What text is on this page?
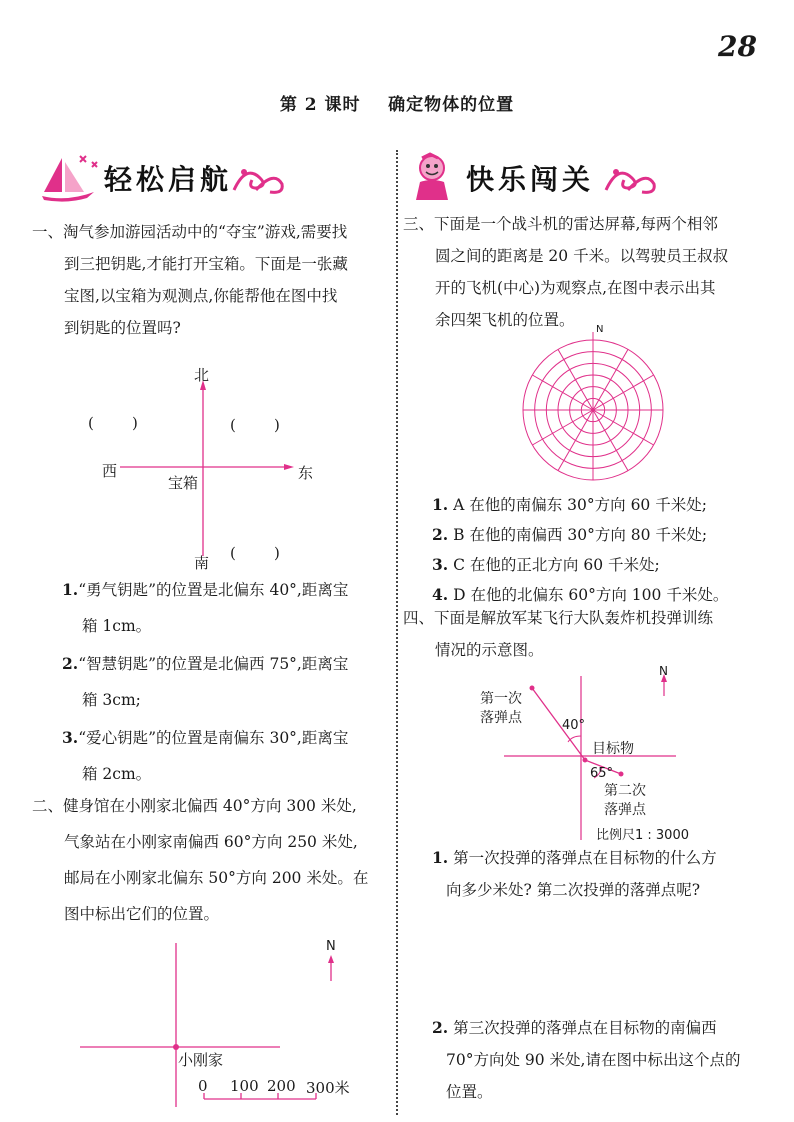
28
第 2 课时    确定物体的位置
轻松启航	快乐闯关
一、淘气参加游园活动中的“夺宝”游戏,需要找
到三把钥匙,才能打开宝箱。下面是一张藏
宝图,以宝箱为观测点,你能帮他在图中找
到钥匙的位置吗?
北
南
西	东
宝箱
(        )	(        )
(        )
1.“勇气钥匙”的位置是北偏东 40°,距离宝
箱 1cm。
2.“智慧钥匙”的位置是北偏西 75°,距离宝
箱 3cm;
3.“爱心钥匙”的位置是南偏东 30°,距离宝
箱 2cm。
二、健身馆在小刚家北偏西 40°方向 300 米处,
气象站在小刚家南偏西 60°方向 250 米处,
邮局在小刚家北偏东 50°方向 200 米处。在
图中标出它们的位置。
N
小刚家
0 100 200 300米
三、下面是一个战斗机的雷达屏幕,每两个相邻
圆之间的距离是 20 千米。以驾驶员王叔叔
开的飞机(中心)为观察点,在图中表示出其
余四架飞机的位置。
N
1. A 在他的南偏东 30°方向 60 千米处;
2. B 在他的南偏西 30°方向 80 千米处;
3. C 在他的正北方向 60 千米处;
4. D 在他的北偏东 60°方向 100 千米处。
四、下面是解放军某飞行大队轰炸机投弹训练
情况的示意图。
N
第一次
落弹点	40°
目标物
65°
第二次
落弹点
比例尺1 : 3000
1. 第一次投弹的落弹点在目标物的什么方
向多少米处? 第二次投弹的落弹点呢?
2. 第三次投弹的落弹点在目标物的南偏西
70°方向处 90 米处,请在图中标出这个点的
位置。
